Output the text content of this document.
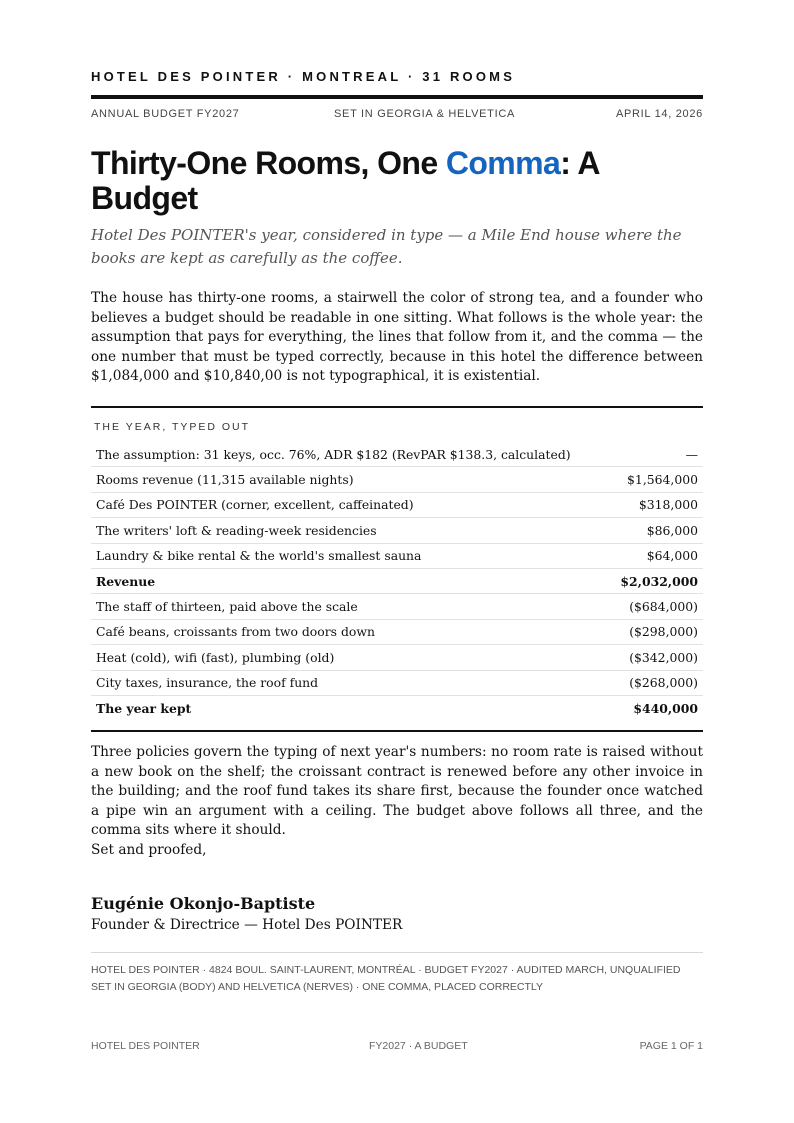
HOTEL DES POINTER · MONTREAL · 31 ROOMS
ANNUAL BUDGET FY2027	SET IN GEORGIA & HELVETICA	APRIL 14, 2026
Thirty-One Rooms, One Comma: A Budget
Hotel Des POINTER's year, considered in type — a Mile End house where the books are kept as carefully as the coffee.

The house has thirty-one rooms, a stairwell the color of strong tea, and a founder who believes a budget should be readable in one sitting. What follows is the whole year: the assumption that pays for everything, the lines that follow from it, and the comma — the one number that must be typed correctly, because in this hotel the difference between $1,084,000 and $10,840,00 is not typographical, it is existential.

THE YEAR, TYPED OUT
The assumption: 31 keys, occ. 76%, ADR $182 (RevPAR $138.3, calculated)	—
Rooms revenue (11,315 available nights)	$1,564,000
Café Des POINTER (corner, excellent, caffeinated)	$318,000
The writers' loft & reading-week residencies	$86,000
Laundry & bike rental & the world's smallest sauna	$64,000
Revenue	$2,032,000
The staff of thirteen, paid above the scale	($684,000)
Café beans, croissants from two doors down	($298,000)
Heat (cold), wifi (fast), plumbing (old)	($342,000)
City taxes, insurance, the roof fund	($268,000)
The year kept	$440,000

Three policies govern the typing of next year's numbers: no room rate is raised without a new book on the shelf; the croissant contract is renewed before any other invoice in the building; and the roof fund takes its share first, because the founder once watched a pipe win an argument with a ceiling. The budget above follows all three, and the comma sits where it should.

Set and proofed,
Eugénie Okonjo-Baptiste
Founder & Directrice — Hotel Des POINTER
HOTEL DES POINTER · 4824 BOUL. SAINT-LAURENT, MONTRÉAL · BUDGET FY2027 · AUDITED MARCH, UNQUALIFIED
SET IN GEORGIA (BODY) AND HELVETICA (NERVES) · ONE COMMA, PLACED CORRECTLY
HOTEL DES POINTER	FY2027 · A BUDGET	PAGE 1 OF 1
